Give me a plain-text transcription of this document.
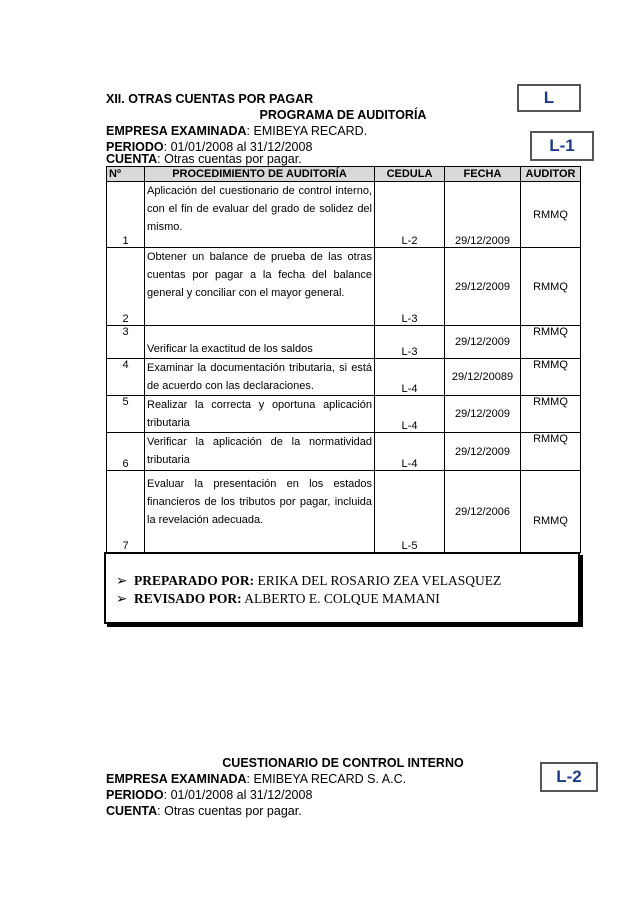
XII. OTRAS CUENTAS POR PAGAR	L
PROGRAMA DE AUDITORÍA
EMPRESA EXAMINADA: EMIBEYA RECARD.
L-1
PERIODO: 01/01/2008 al 31/12/2008
CUENTA: Otras cuentas por pagar.
Nº	PROCEDIMIENTO DE AUDITORÍA	CEDULA	FECHA	AUDITOR
1	Aplicación del cuestionario de control interno, con el fin de evaluar del grado de solidez del mismo.	L-2	29/12/2009	RMMQ
2	Obtener un balance de prueba de las otras cuentas por pagar a la fecha del balance general y conciliar con el mayor general.	L-3	29/12/2009	RMMQ
3	Verificar la exactitud de los saldos	L-3	29/12/2009	RMMQ
4	Examinar la documentación tributaria, si está de acuerdo con las declaraciones.	L-4	29/12/20089	RMMQ
5	Realizar la correcta y oportuna aplicación tributaria	L-4	29/12/2009	RMMQ
6	Verificar la aplicación de la normatividad tributaria	L-4	29/12/2009	RMMQ
7	Evaluar la presentación en los estados financieros de los tributos por pagar, incluida la revelación adecuada.	L-5	29/12/2006	RMMQ
➢ PREPARADO POR: ERIKA DEL ROSARIO ZEA VELASQUEZ
➢ REVISADO POR: ALBERTO E. COLQUE MAMANI
CUESTIONARIO DE CONTROL INTERNO
EMPRESA EXAMINADA: EMIBEYA RECARD S. A.C.	L-2
PERIODO: 01/01/2008 al 31/12/2008
CUENTA: Otras cuentas por pagar.
